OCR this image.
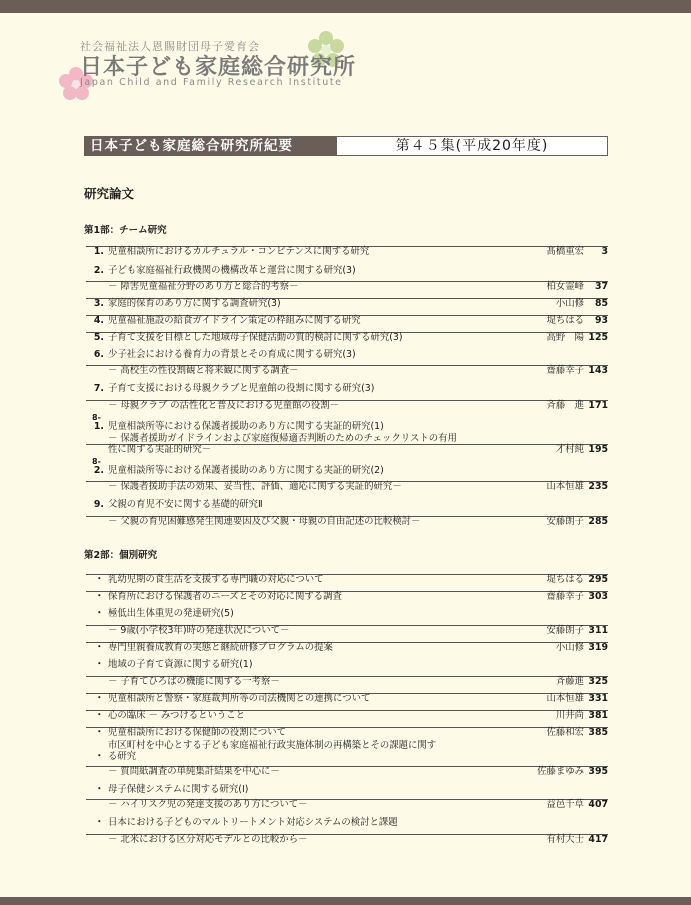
社会福祉法人恩賜財団母子愛育会
日本子ども家庭総合研究所
Japan Child and Family Research Institute
日本子ども家庭総合研究所紀要	第４５集(平成20年度)
研究論文
第1部：チーム研究
第2部：個別研究
1. 児童相談所におけるカルチュラル・コンピテンスに関する研究	髙橋重宏 3
2. 子ども家庭福祉行政機関の機構改革と運営に関する研究(3)
－ 障害児童福祉分野のあり方と総合的考察－	柏女霊峰 37
3. 家庭的保育のあり方に関する調査研究(3)	小山修 85
4. 児童福祉施設の給食ガイドライン策定の枠組みに関する研究	堤ちはる 93
5. 子育て支援を目標とした地域母子保健活動の質的検討に関する研究(3)	高野　陽 125
6. 少子社会における養育力の背景とその育成に関する研究(3)
－ 高校生の性役割観と将来観に関する調査－	齋藤幸子 143
7. 子育て支援における母親クラブと児童館の役割に関する研究(3)
－ 母親クラブ の活性化と普及における児童館の役割－	斉藤　進 171
1. 児童相談所等における保護者援助のあり方に関する実証的研究(1)
8-
－ 保護者援助ガイドラインおよび家庭復帰適否判断のためのチェックリストの有用
性に関する実証的研究－	才村純 195
2. 児童相談所等における保護者援助のあり方に関する実証的研究(2)
8-
－ 保護者援助手法の効果、妥当性、評価、適応に関する実証的研究－	山本恒雄 235
9. 父親の育児不安に関する基礎的研究Ⅱ
－ 父親の育児困難感発生関連要因及び父親・母親の自由記述の比較検討－	安藤朗子 285
・ 乳幼児期の食生活を支援する専門職の対応について	堤ちはる 295
・ 保育所における保護者のニーズとその対応に関する調査	齋藤幸子 303
・ 極低出生体重児の発達研究(5)
－ 9歳(小学校3年)時の発達状況について－	安藤朗子 311
・ 専門里親養成教育の実態と継続研修プログラムの提案	小山修 319
・ 地域の子育て資源に関する研究(1)
－ 子育てひろばの機能に関する一考察－	斉藤進 325
・ 児童相談所と警察・家庭裁判所等の司法機関との連携について	山本恒雄 331
・ 心の臨床 － みつけるということ	川井尚 381
・ 児童相談所における保健師の役割について	佐藤和宏 385
市区町村を中心とする子ども家庭福祉行政実施体制の再構築とその課題に関す
・ る研究
－ 質問紙調査の単純集計結果を中心に－	佐藤まゆみ 395
・ 母子保健システムに関する研究(Ⅰ)
－ ハイリスク児の発達支援のあり方について－	益邑千草 407
・ 日本における子どものマルトリートメント対応システムの検討と課題
－ 北米における区分対応モデルとの比較から－	有村大士 417
